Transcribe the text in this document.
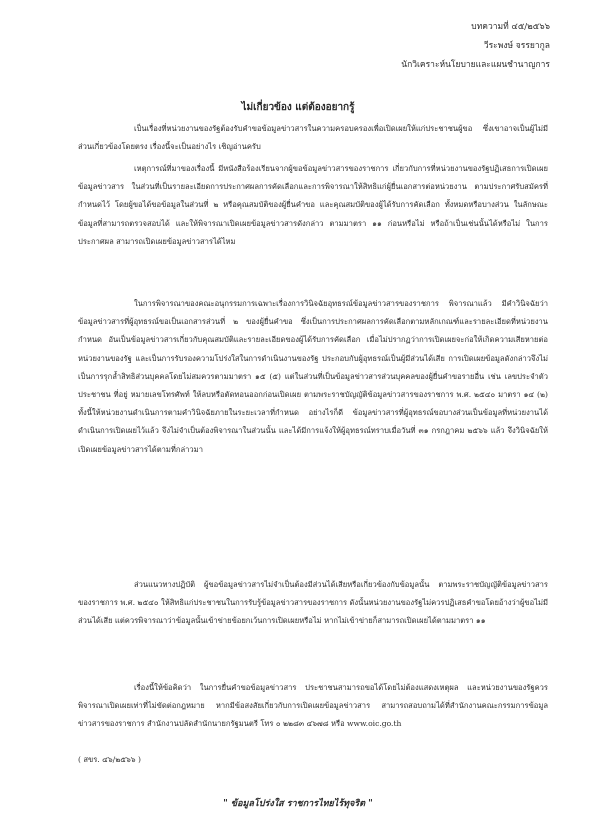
บทความที่ ๔๕/๒๕๖๖
วีระพงษ์ จรรยากูล
นักวิเคราะห์นโยบายและแผนชำนาญการ
ไม่เกี่ยวข้อง แต่ต้องอยากรู้

เป็นเรื่องที่หน่วยงานของรัฐต้องรับคำขอข้อมูลข่าวสารในความครอบครองเพื่อเปิดเผยให้แก่ประชาชนผู้ขอ ซึ่งเขาอาจเป็นผู้ไม่มีส่วนเกี่ยวข้องโดยตรง เรื่องนี้จะเป็นอย่างไร เชิญอ่านครับ

เหตุการณ์ที่มาของเรื่องนี้ มีหนังสือร้องเรียนจากผู้ขอข้อมูลข่าวสารของราชการ เกี่ยวกับการที่หน่วยงานของรัฐปฏิเสธการเปิดเผยข้อมูลข่าวสาร ในส่วนที่เป็นรายละเอียดการประกาศผลการคัดเลือกและการพิจารณาให้สิทธิแก่ผู้ยื่นเอกสารต่อหน่วยงาน ตามประกาศรับสมัครที่กำหนดไว้ โดยผู้ขอได้ขอข้อมูลในส่วนที่ ๒ หรือคุณสมบัติของผู้ยื่นคำขอ และคุณสมบัติของผู้ได้รับการคัดเลือก ทั้งหมดหรือบางส่วน ในลักษณะข้อมูลที่สามารถตรวจสอบได้ และให้พิจารณาเปิดเผยข้อมูลข่าวสารดังกล่าว ตามมาตรา ๑๑ ก่อนหรือไม่ หรือถ้าเป็นเช่นนั้นได้หรือไม่ ในการประกาศผล สามารถเปิดเผยข้อมูลข่าวสารได้ไหม

ในการพิจารณาของคณะอนุกรรมการเฉพาะเรื่องการวินิจฉัยอุทธรณ์ข้อมูลข่าวสารของราชการ พิจารณาแล้ว มีคำวินิจฉัยว่า ข้อมูลข่าวสารที่ผู้อุทธรณ์ขอเป็นเอกสารส่วนที่ ๒ ของผู้ยื่นคำขอ ซึ่งเป็นการประกาศผลการคัดเลือกตามหลักเกณฑ์และรายละเอียดที่หน่วยงานกำหนด อันเป็นข้อมูลข่าวสารเกี่ยวกับคุณสมบัติและรายละเอียดของผู้ได้รับการคัดเลือก เมื่อไม่ปรากฏว่าการเปิดเผยจะก่อให้เกิดความเสียหายต่อหน่วยงานของรัฐ และเป็นการรับรองความโปร่งใสในการดำเนินงานของรัฐ ประกอบกับผู้อุทธรณ์เป็นผู้มีส่วนได้เสีย การเปิดเผยข้อมูลดังกล่าวจึงไม่เป็นการรุกล้ำสิทธิส่วนบุคคลโดยไม่สมควรตามมาตรา ๑๕ (๕) แต่ในส่วนที่เป็นข้อมูลข่าวสารส่วนบุคคลของผู้ยื่นคำขอรายอื่น เช่น เลขประจำตัวประชาชน ที่อยู่ หมายเลขโทรศัพท์ ให้ลบหรือตัดทอนออกก่อนเปิดเผย ตามพระราชบัญญัติข้อมูลข่าวสารของราชการ พ.ศ. ๒๕๔๐ มาตรา ๑๔ (๒) ทั้งนี้ให้หน่วยงานดำเนินการตามคำวินิจฉัยภายในระยะเวลาที่กำหนด อย่างไรก็ดี ข้อมูลข่าวสารที่ผู้อุทธรณ์ขอบางส่วนเป็นข้อมูลที่หน่วยงานได้ดำเนินการเปิดเผยไว้แล้ว จึงไม่จำเป็นต้องพิจารณาในส่วนนั้น และได้มีการแจ้งให้ผู้อุทธรณ์ทราบเมื่อวันที่ ๓๑ กรกฎาคม ๒๕๖๖ แล้ว จึงวินิจฉัยให้เปิดเผยข้อมูลข่าวสารได้ตามที่กล่าวมา

ส่วนแนวทางปฏิบัติ ผู้ขอข้อมูลข่าวสารไม่จำเป็นต้องมีส่วนได้เสียหรือเกี่ยวข้องกับข้อมูลนั้น ตามพระราชบัญญัติข้อมูลข่าวสารของราชการ พ.ศ. ๒๕๔๐ ให้สิทธิแก่ประชาชนในการรับรู้ข้อมูลข่าวสารของราชการ ดังนั้นหน่วยงานของรัฐไม่ควรปฏิเสธคำขอโดยอ้างว่าผู้ขอไม่มีส่วนได้เสีย แต่ควรพิจารณาว่าข้อมูลนั้นเข้าข่ายข้อยกเว้นการเปิดเผยหรือไม่ หากไม่เข้าข่ายก็สามารถเปิดเผยได้ตามมาตรา ๑๑

เรื่องนี้ให้ข้อคิดว่า ในการยื่นคำขอข้อมูลข่าวสาร ประชาชนสามารถขอได้โดยไม่ต้องแสดงเหตุผล และหน่วยงานของรัฐควรพิจารณาเปิดเผยเท่าที่ไม่ขัดต่อกฎหมาย หากมีข้อสงสัยเกี่ยวกับการเปิดเผยข้อมูลข่าวสาร สามารถสอบถามได้ที่สำนักงานคณะกรรมการข้อมูลข่าวสารของราชการ สำนักงานปลัดสำนักนายกรัฐมนตรี โทร ๐ ๒๒๘๓ ๔๖๗๘ หรือ www.oic.go.th

( สขร. ๔๖/๒๕๖๖ )
" ข้อมูลโปร่งใส ราชการไทยไร้ทุจริต "
